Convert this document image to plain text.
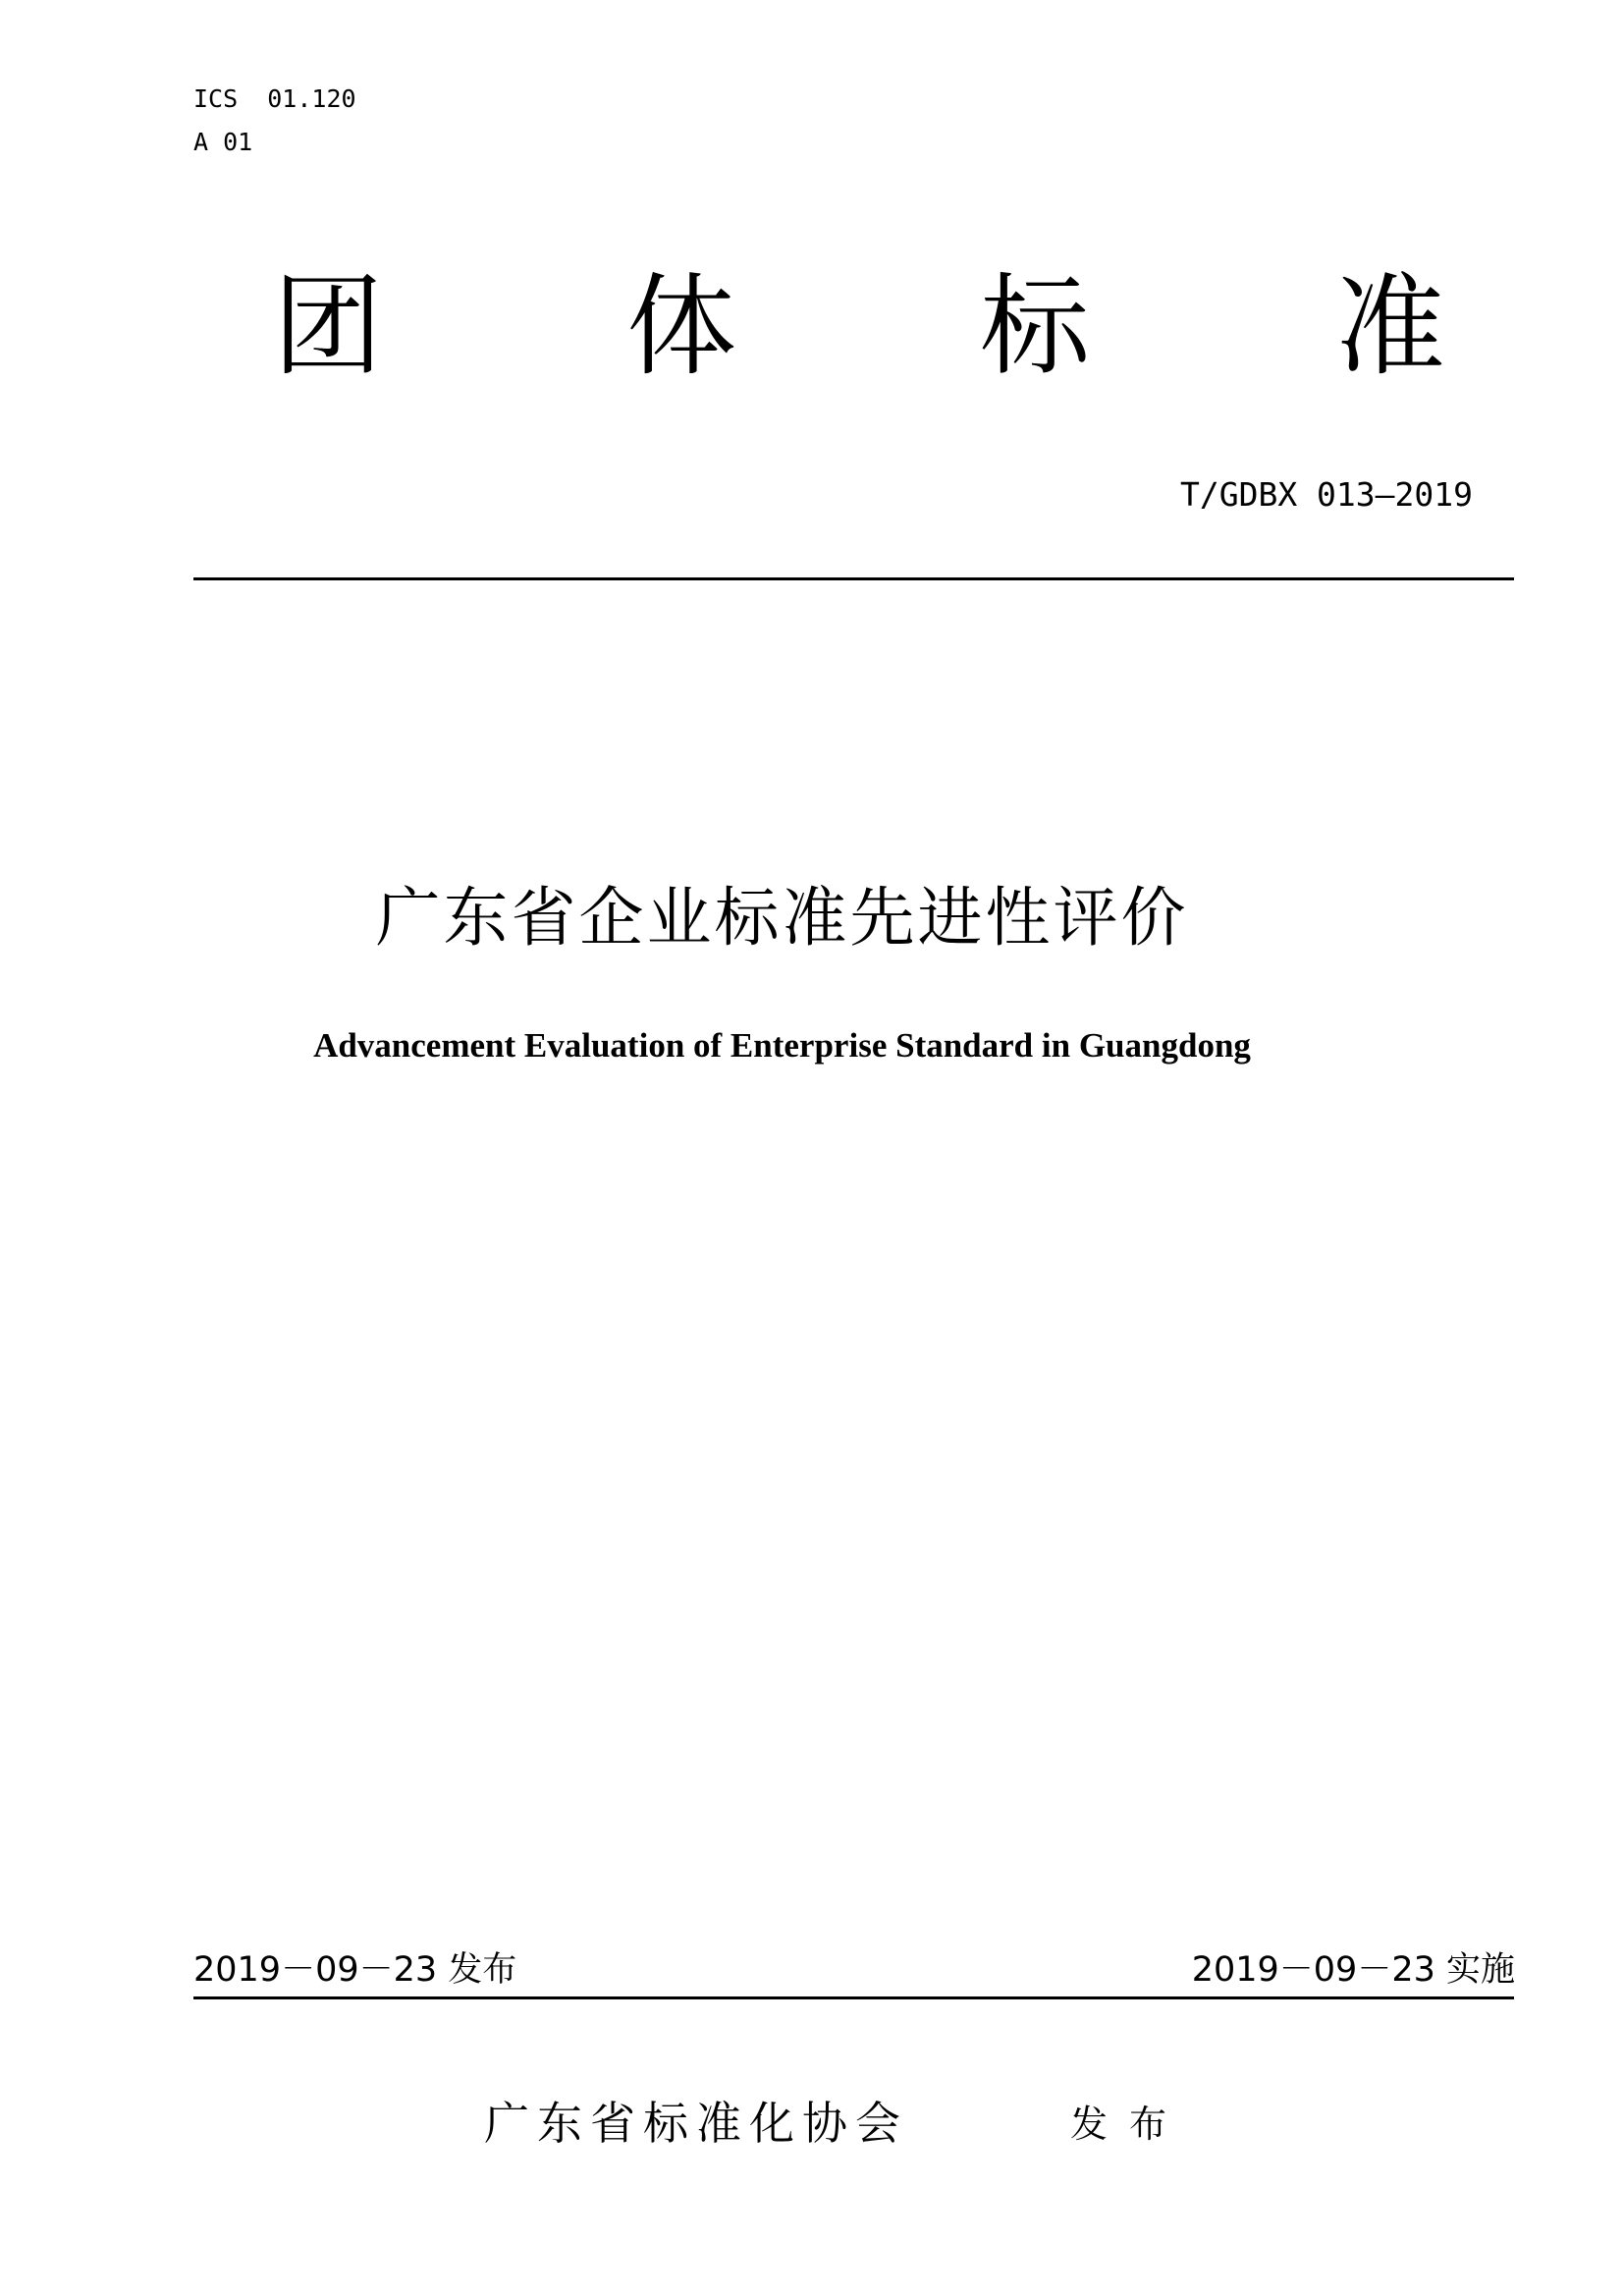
ICS  01.120
A 01
团 体 标 准
T/GDBX 013—2019
广东省企业标准先进性评价
Advancement Evaluation of Enterprise Standard in Guangdong
2019－09－23 发布	2019－09－23 实施
广东省标准化协会	发布
